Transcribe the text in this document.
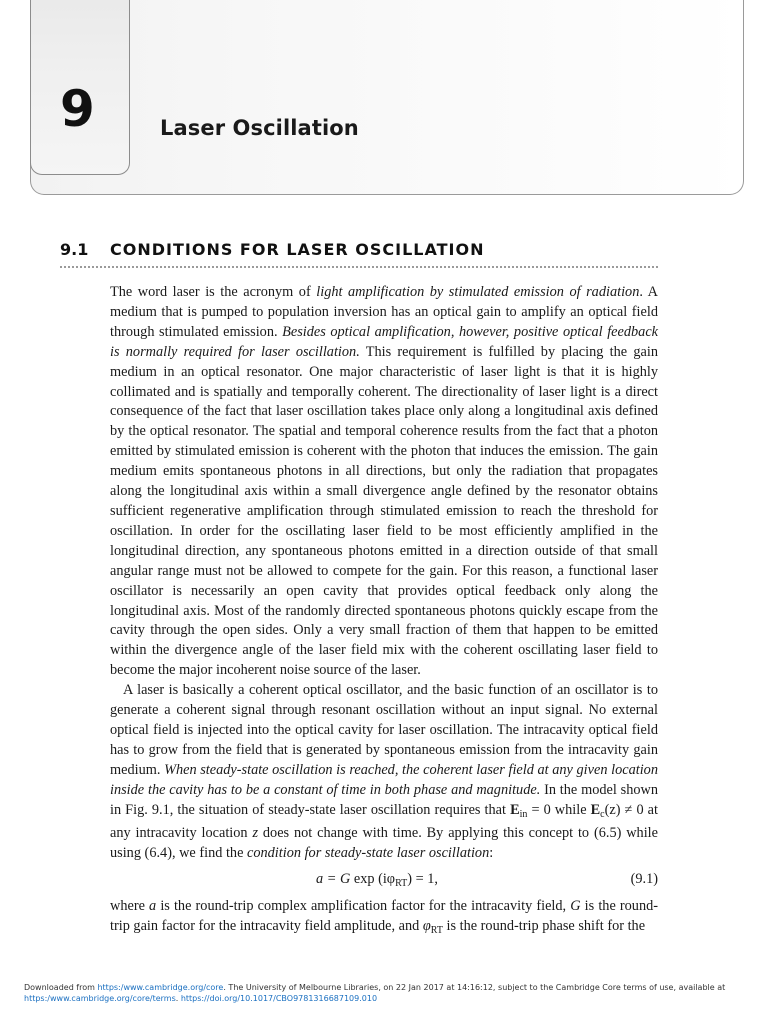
9	Laser Oscillation
9.1 CONDITIONS FOR LASER OSCILLATION

The word laser is the acronym of light amplification by stimulated emission of radiation. A medium that is pumped to population inversion has an optical gain to amplify an optical field through stimulated emission. Besides optical amplification, however, positive optical feedback is normally required for laser oscillation. This requirement is fulfilled by placing the gain medium in an optical resonator. One major characteristic of laser light is that it is highly collimated and is spatially and temporally coherent. The directionality of laser light is a direct consequence of the fact that laser oscillation takes place only along a longitudinal axis defined by the optical resonator. The spatial and temporal coherence results from the fact that a photon emitted by stimulated emission is coherent with the photon that induces the emission. The gain medium emits spontaneous photons in all directions, but only the radiation that propagates along the longitudinal axis within a small divergence angle defined by the resonator obtains sufficient regenerative amplification through stimulated emission to reach the threshold for oscillation. In order for the oscillating laser field to be most efficiently amplified in the longitudinal direction, any spontaneous photons emitted in a direction outside of that small angular range must not be allowed to compete for the gain. For this reason, a functional laser oscillator is necessarily an open cavity that provides optical feedback only along the longitudinal axis. Most of the randomly directed spontaneous photons quickly escape from the cavity through the open sides. Only a very small fraction of them that happen to be emitted within the divergence angle of the laser field mix with the coherent oscillating laser field to become the major incoherent noise source of the laser.

A laser is basically a coherent optical oscillator, and the basic function of an oscillator is to generate a coherent signal through resonant oscillation without an input signal. No external optical field is injected into the optical cavity for laser oscillation. The intracavity optical field has to grow from the field that is generated by spontaneous emission from the intracavity gain medium. When steady-state oscillation is reached, the coherent laser field at any given location inside the cavity has to be a constant of time in both phase and magnitude. In the model shown in Fig. 9.1, the situation of steady-state laser oscillation requires that $E_{in} = 0$ while $E_c(z) \ne 0$ at any intracavity location z does not change with time. By applying this concept to (6.5) while using (6.4), we find the condition for steady-state laser oscillation:

a = G $\exp (i\varphi_{RT}) = 1$,	(9.1)

where a is the round-trip complex amplification factor for the intracavity field, G is the round-trip gain factor for the intracavity field amplitude, and $\varphi_{RT}$ is the round-trip phase shift for the

Downloaded from https:/www.cambridge.org/core. The University of Melbourne Libraries, on 22 Jan 2017 at 14:16:12, subject to the Cambridge Core terms of use, available at
https:/www.cambridge.org/core/terms. https://doi.org/10.1017/CBO9781316687109.010
